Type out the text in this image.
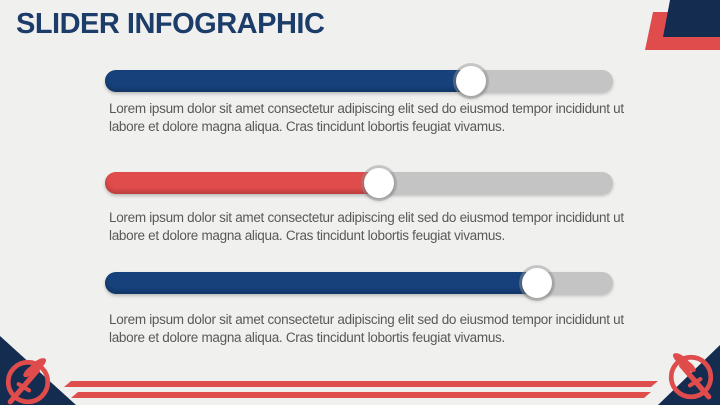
SLIDER INFOGRAPHIC

Lorem ipsum dolor sit amet consectetur adipiscing elit sed do eiusmod tempor incididunt ut labore et dolore magna aliqua. Cras tincidunt lobortis feugiat vivamus.

Lorem ipsum dolor sit amet consectetur adipiscing elit sed do eiusmod tempor incididunt ut labore et dolore magna aliqua. Cras tincidunt lobortis feugiat vivamus.

Lorem ipsum dolor sit amet consectetur adipiscing elit sed do eiusmod tempor incididunt ut labore et dolore magna aliqua. Cras tincidunt lobortis feugiat vivamus.
